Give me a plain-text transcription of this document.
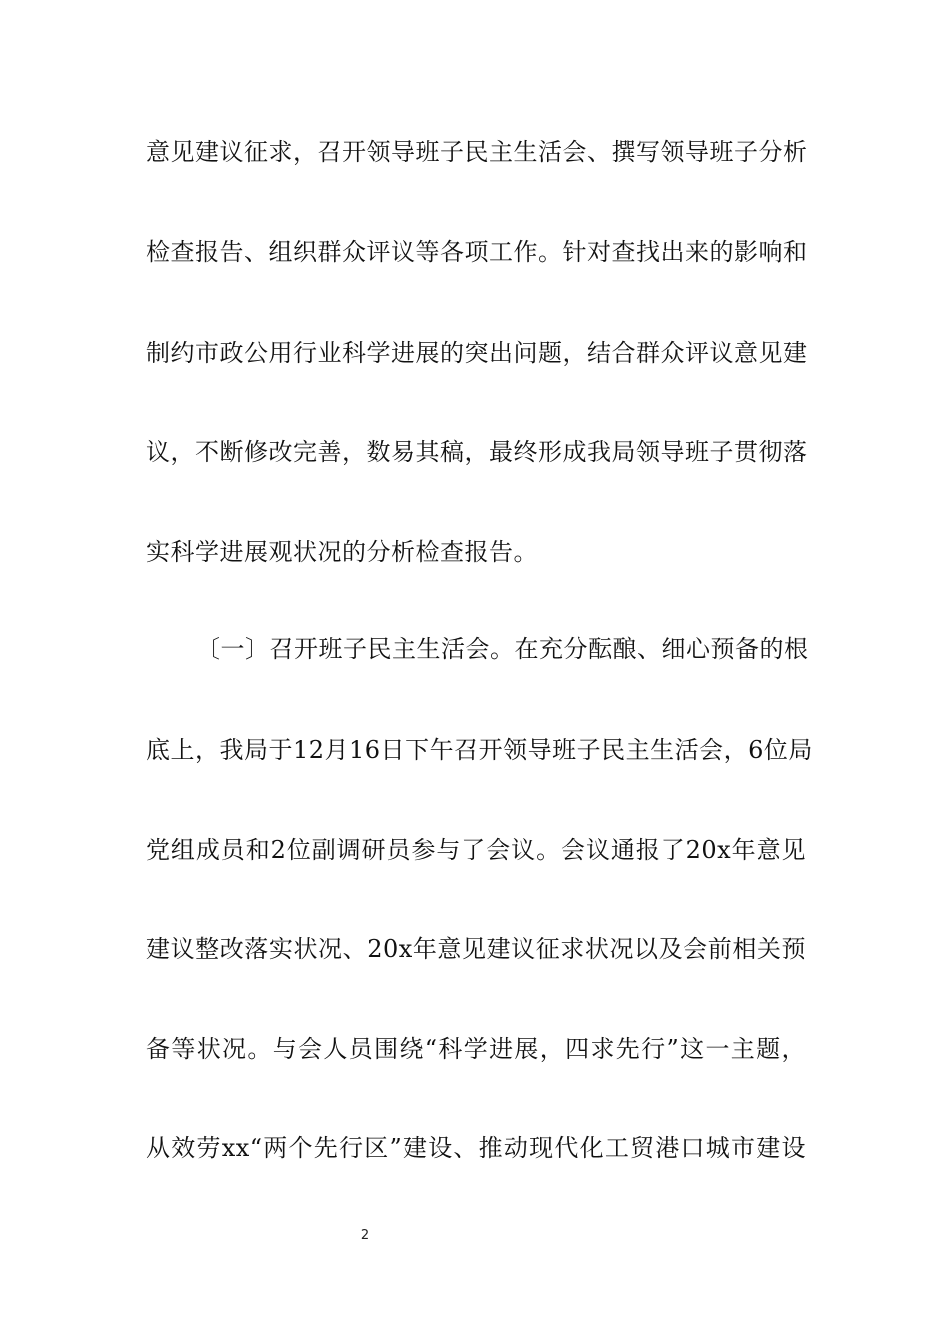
意见建议征求，召开领导班子民主生活会、撰写领导班子分析
检查报告、组织群众评议等各项工作。针对查找出来的影响和
制约市政公用行业科学进展的突出问题，结合群众评议意见建
议，不断修改完善，数易其稿，最终形成我局领导班子贯彻落
实科学进展观状况的分析检查报告。
〔一〕召开班子民主生活会。在充分酝酿、细心预备的根
底上，我局于12月16日下午召开领导班子民主生活会，6位局
党组成员和2位副调研员参与了会议。会议通报了20x年意见
建议整改落实状况、20x年意见建议征求状况以及会前相关预
备等状况。与会人员围绕“科学进展，四求先行”这一主题，
从效劳xx“两个先行区”建设、推动现代化工贸港口城市建设
2
